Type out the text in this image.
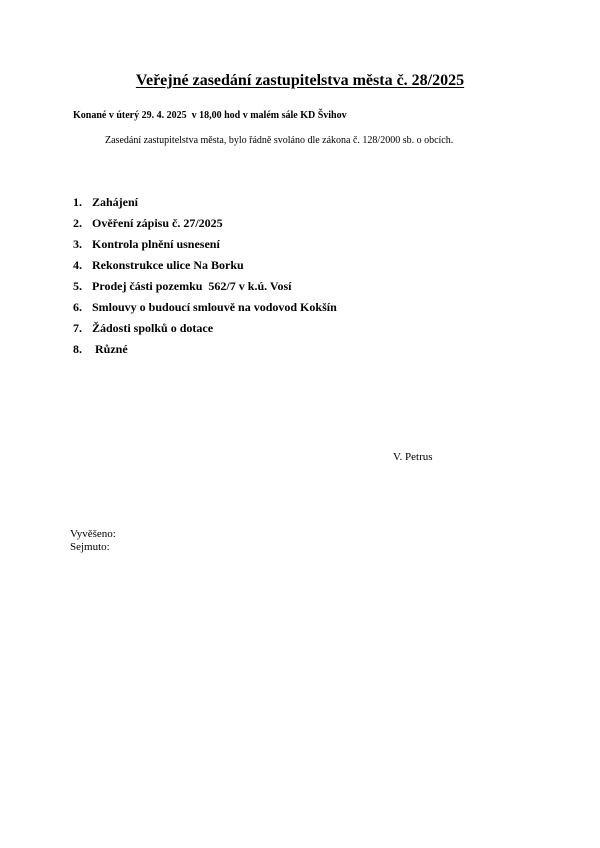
Veřejné zasedání zastupitelstva města č. 28/2025
Konané v úterý 29. 4. 2025  v 18,00 hod v malém sále KD Švihov
Zasedání zastupitelstva města, bylo řádně svoláno dle zákona č. 128/2000 sb. o obcích.
1.
Zahájení
2.
Ověření zápisu č. 27/2025
3.
Kontrola plnění usnesení
4.
Rekonstrukce ulice Na Borku
5.
Prodej části pozemku  562/7 v k.ú. Vosí
6.
Smlouvy o budoucí smlouvě na vodovod Kokšín
7.
Žádosti spolků o dotace
8.
Různé
V. Petrus
Vyvěšeno:
Sejmuto:
